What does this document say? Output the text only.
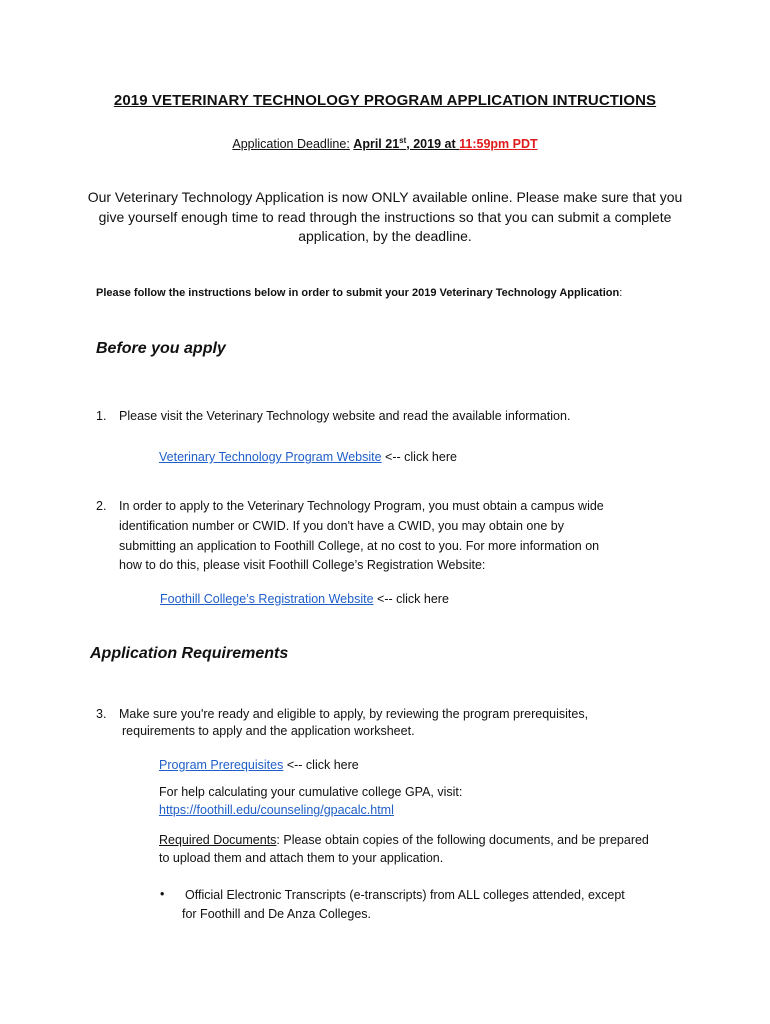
2019 VETERINARY TECHNOLOGY PROGRAM APPLICATION INTRUCTIONS
Application Deadline: April 21st, 2019 at 11:59pm PDT
Our Veterinary Technology Application is now ONLY available online. Please make sure that you give yourself enough time to read through the instructions so that you can submit a complete application, by the deadline.
Please follow the instructions below in order to submit your 2019 Veterinary Technology Application:
Before you apply
1. Please visit the Veterinary Technology website and read the available information.
Veterinary Technology Program Website <-- click here
2. In order to apply to the Veterinary Technology Program, you must obtain a campus wide
identification number or CWID. If you don't have a CWID, you may obtain one by
submitting an application to Foothill College, at no cost to you. For more information on
how to do this, please visit Foothill College’s Registration Website:
Foothill College’s Registration Website <-- click here
Application Requirements
3. Make sure you're ready and eligible to apply, by reviewing the program prerequisites,
requirements to apply and the application worksheet.
Program Prerequisites <-- click here
For help calculating your cumulative college GPA, visit:
https://foothill.edu/counseling/gpacalc.html
Required Documents: Please obtain copies of the following documents, and be prepared
to upload them and attach them to your application.
• Official Electronic Transcripts (e-transcripts) from ALL colleges attended, except
for Foothill and De Anza Colleges.
